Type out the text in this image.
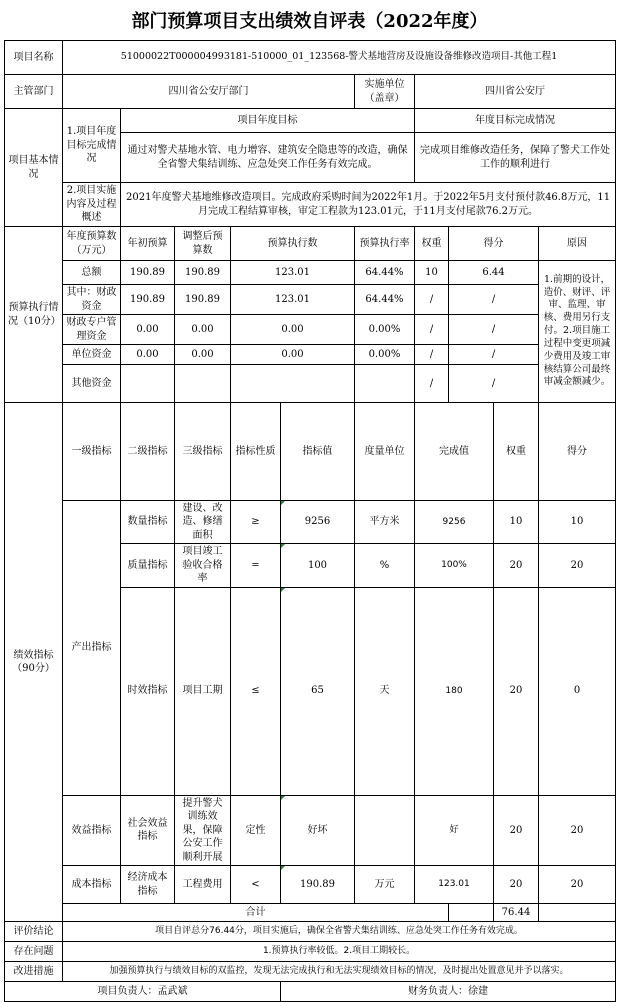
部门预算项目支出绩效自评表（2022年度）
项目名称	51000022T000004993181-510000_01_123568-警犬基地营房及设施设备维修改造项目-其他工程1										
主管部门	四川省公安厅部门					实施单位（盖章）	四川省公安厅				
项目基本情况	1.项目年度目标完成情况	项目年度目标					年度目标完成情况				
		通过对警犬基地水管、电力增容、建筑安全隐患等的改造，确保全省警犬集结训练、应急处突工作任务有效完成。					完成项目维修改造任务，保障了警犬工作处工作的顺利进行				
	2.项目实施内容及过程概述	2021年度警犬基地维修改造项目。完成政府采购时间为2022年1月。于2022年5月支付预付款46.8万元，11月完成工程结算审核，审定工程款为123.01元，于11月支付尾款76.2万元。									
预算执行情况（10分）	年度预算数（万元）	年初预算	调整后预算数	预算执行数		预算执行率	权重	得分		原因	
	总额	190.89	190.89	123.01		64.44%	10	6.44		1.前期的设计，造价、财评、评审、监理、审核、费用另行支付。2.项目施工过程中变更项减少费用及竣工审核结算公司最终审减金额减少。	
	其中：财政资金	190.89	190.89	123.01		64.44%	/	/			
	财政专户管理资金	0.00	0.00	0.00		0.00%	/	/			
	单位资金	0.00	0.00	0.00		0.00%	/	/			
	其他资金						/	/			
绩效指标（90分）	一级指标	二级指标	三级指标	指标性质	指标值	度量单位	完成值		权重	得分	
	产出指标	数量指标	建设、改造、修缮面积	≥	9256	平方米	9256		10	10	
		质量指标	项目竣工验收合格率	=	100	%	100%		20	20	
		时效指标	项目工期	≤	65	天	180		20	0	
	效益指标	社会效益指标	提升警犬训练效果，保障公安工作顺利开展	定性	好坏		好		20	20	
	成本指标	经济成本指标	工程费用	<	190.89	万元	123.01		20	20	
	合计								76.44		
评价结论	项目自评总分76.44分，项目实施后，确保全省警犬集结训练、应急处突工作任务有效完成。										
存在问题	1.预算执行率较低。2.项目工期较长。										
改进措施	加强预算执行与绩效目标的双监控，发现无法完成执行和无法实现绩效目标的情况，及时提出处置意见并予以落实。										
项目负责人：孟武斌					财务负责人：徐建						
